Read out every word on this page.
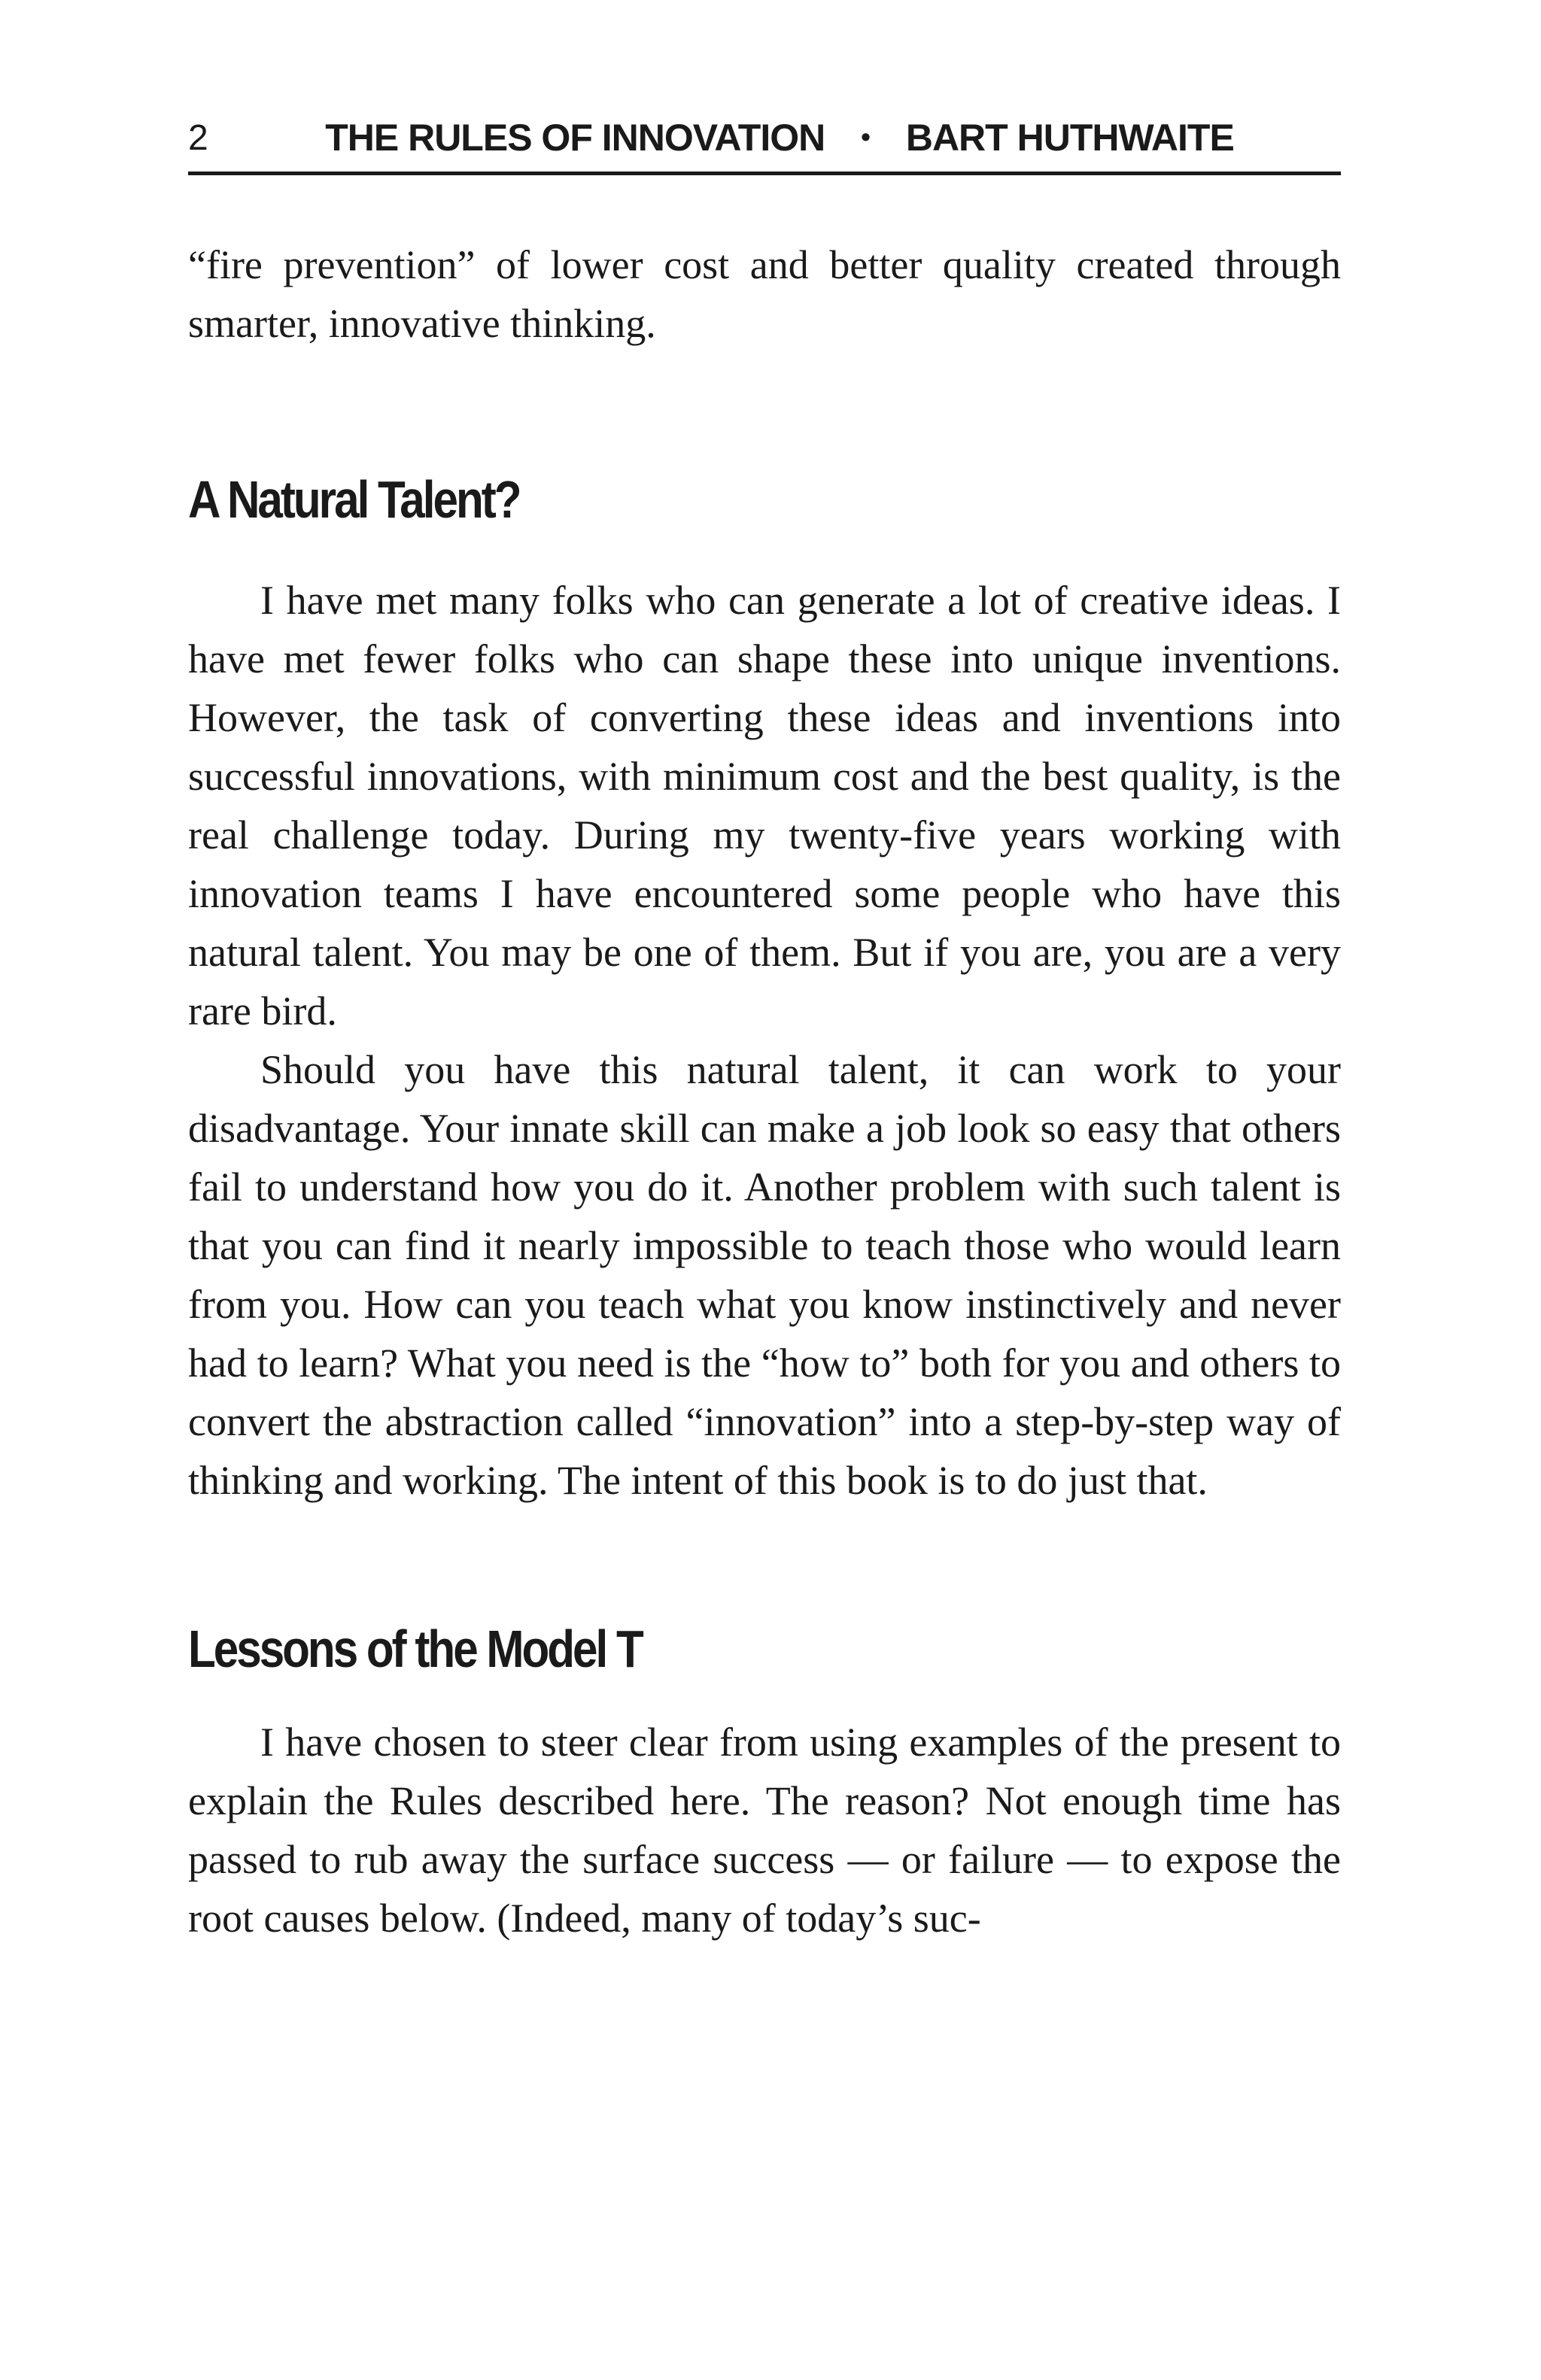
2	THE RULES OF INNOVATION • BART HUTHWAITE

“fire prevention” of lower cost and better quality created through smarter, innovative thinking.

A Natural Talent?

I have met many folks who can generate a lot of creative ideas. I have met fewer folks who can shape these into unique inventions. However, the task of converting these ideas and inventions into successful innovations, with minimum cost and the best quality, is the real challenge today. During my twenty-five years working with innovation teams I have encountered some people who have this natural talent. You may be one of them. But if you are, you are a very rare bird.

Should you have this natural talent, it can work to your disadvantage. Your innate skill can make a job look so easy that others fail to understand how you do it. Another problem with such talent is that you can find it nearly impossible to teach those who would learn from you. How can you teach what you know instinctively and never had to learn? What you need is the “how to” both for you and others to convert the abstraction called “innovation” into a step-by-step way of thinking and working. The intent of this book is to do just that.

Lessons of the Model T

I have chosen to steer clear from using examples of the present to explain the Rules described here. The reason? Not enough time has passed to rub away the surface success — or failure — to expose the root causes below. (Indeed, many of today’s suc-
